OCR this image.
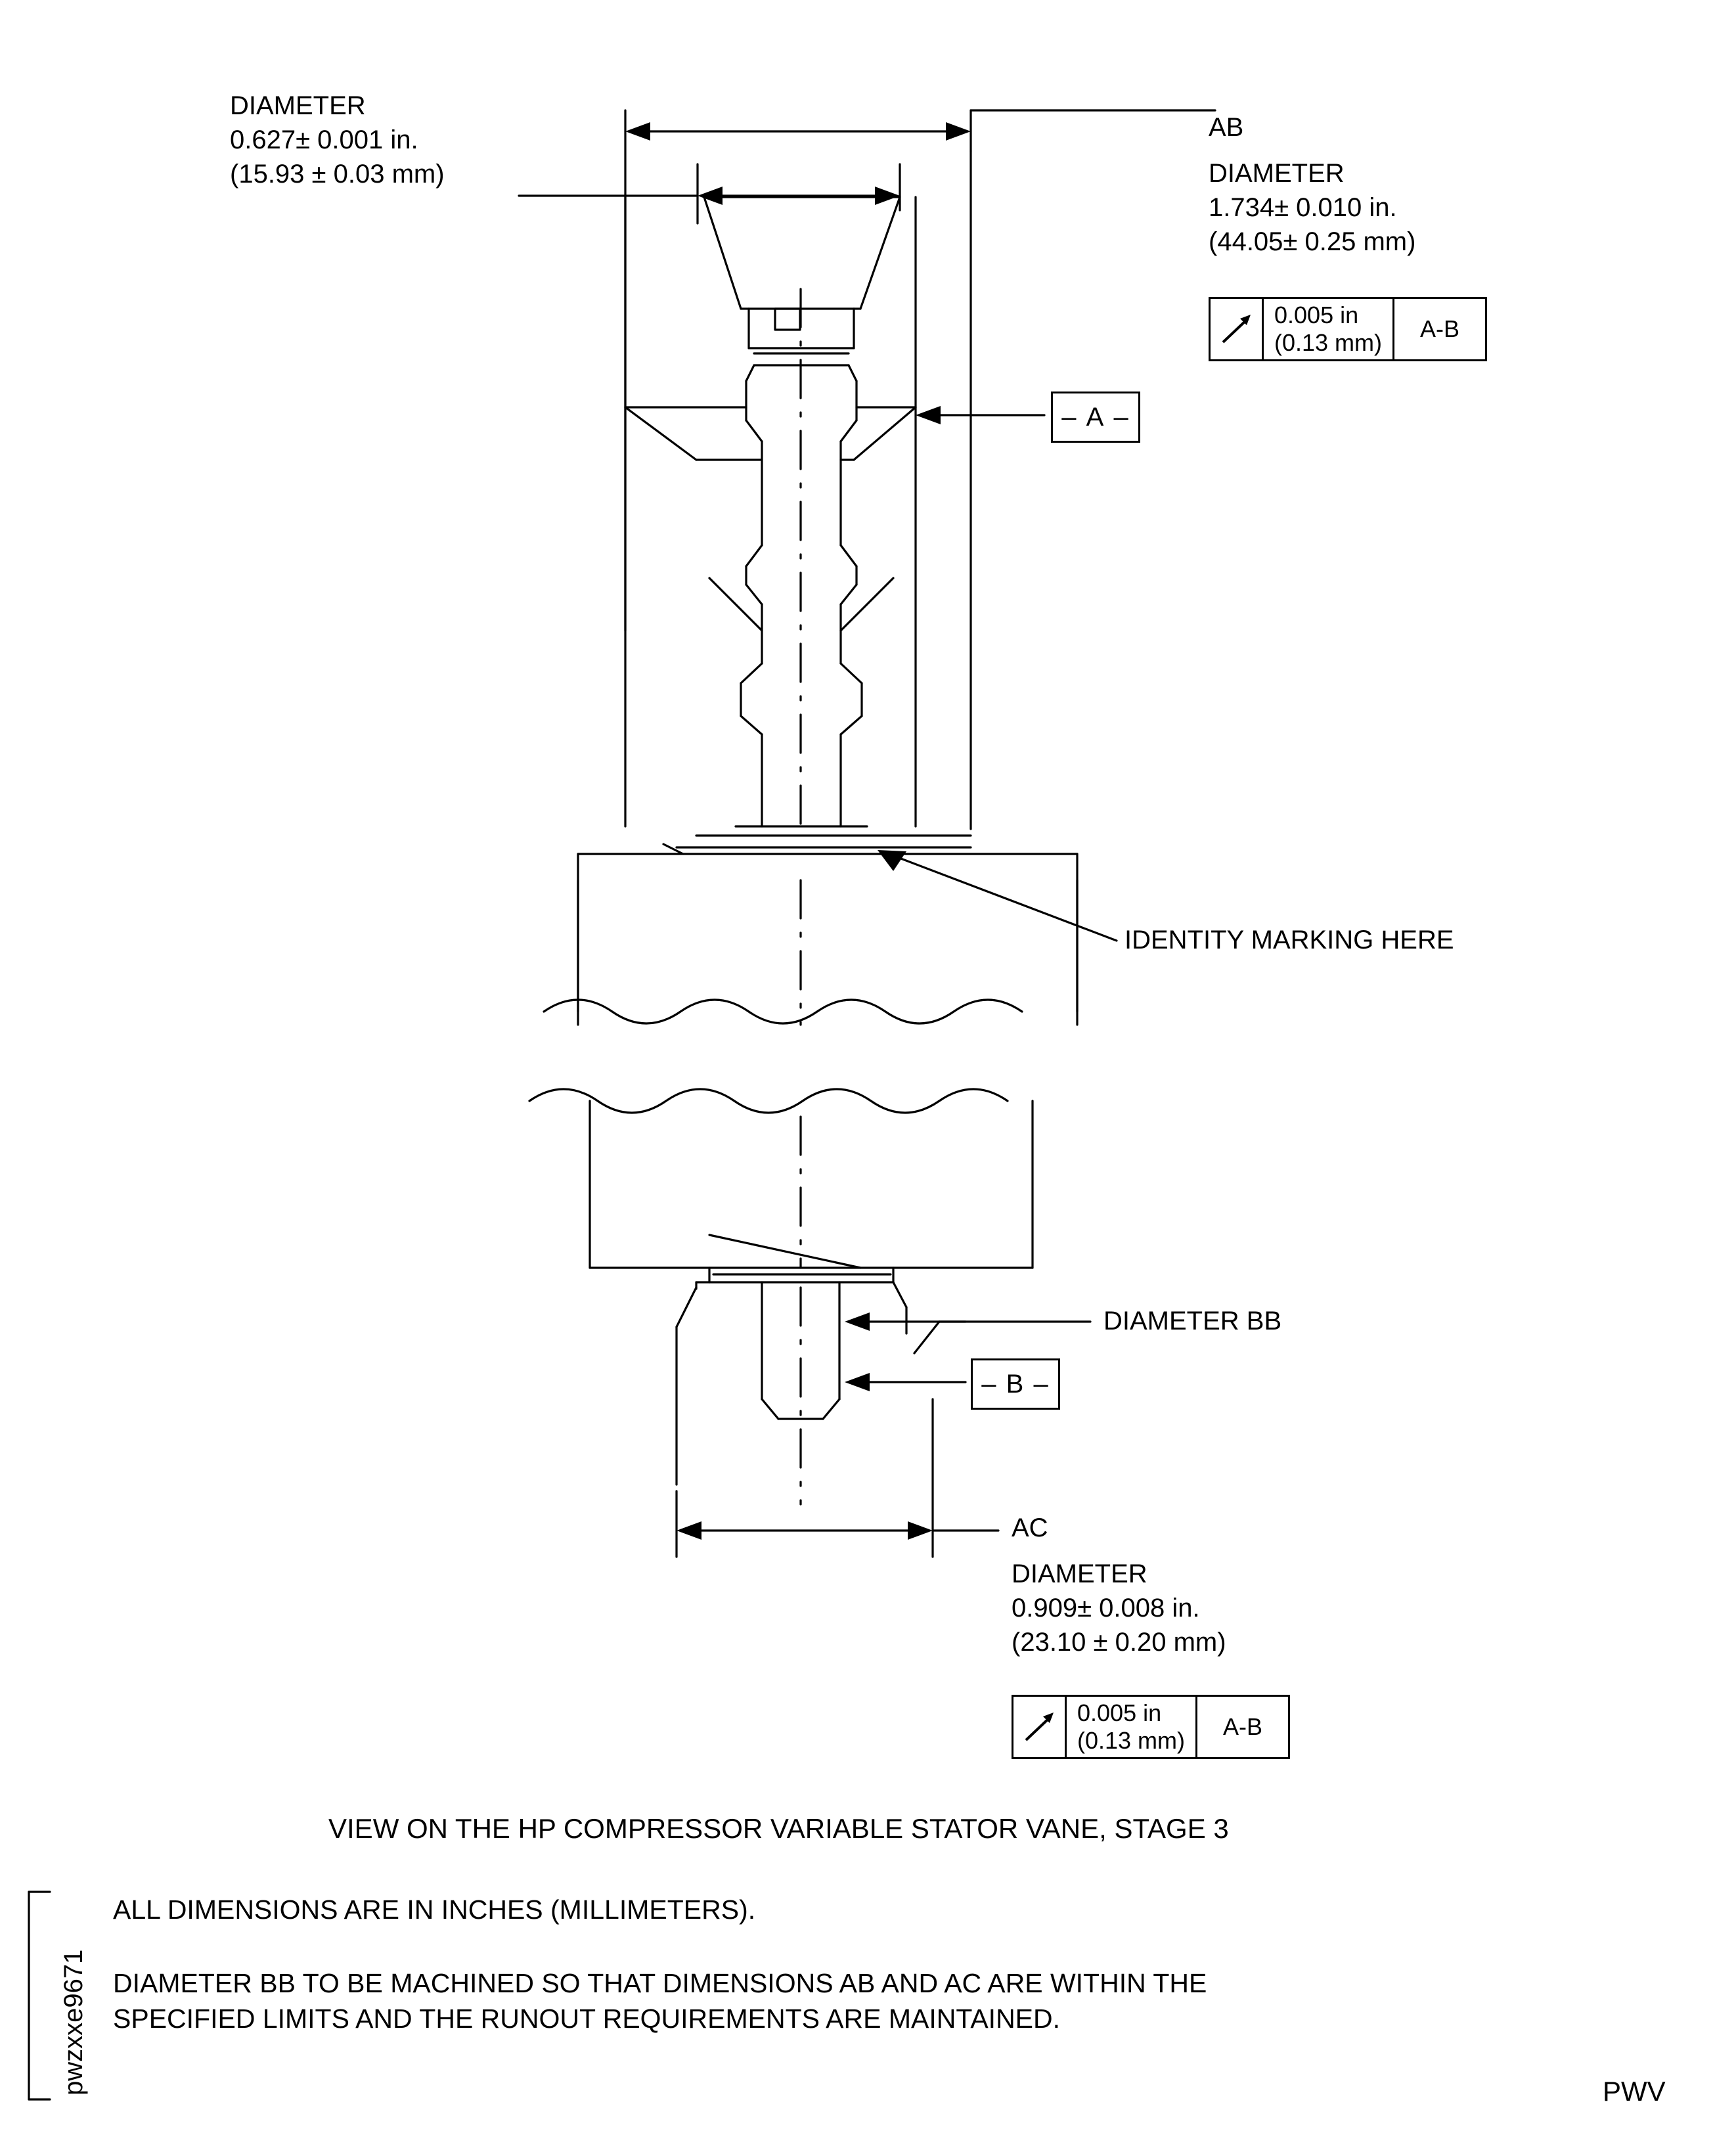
DIAMETER
0.627± 0.001 in.
(15.93 ± 0.03 mm)
AB
DIAMETER
1.734± 0.010 in.
(44.05± 0.25 mm)
0.005 in
(0.13 mm)
A-B
– A –
IDENTITY MARKING HERE
DIAMETER BB
– B –
AC
DIAMETER
0.909± 0.008 in.
(23.10 ± 0.20 mm)
0.005 in
(0.13 mm)
A-B
VIEW ON THE HP COMPRESSOR VARIABLE STATOR VANE, STAGE 3
ALL DIMENSIONS ARE IN INCHES (MILLIMETERS).
DIAMETER BB TO BE MACHINED SO THAT DIMENSIONS AB AND AC ARE WITHIN THE
SPECIFIED LIMITS AND THE RUNOUT REQUIREMENTS ARE MAINTAINED.
pwzxxe9671	PWV
